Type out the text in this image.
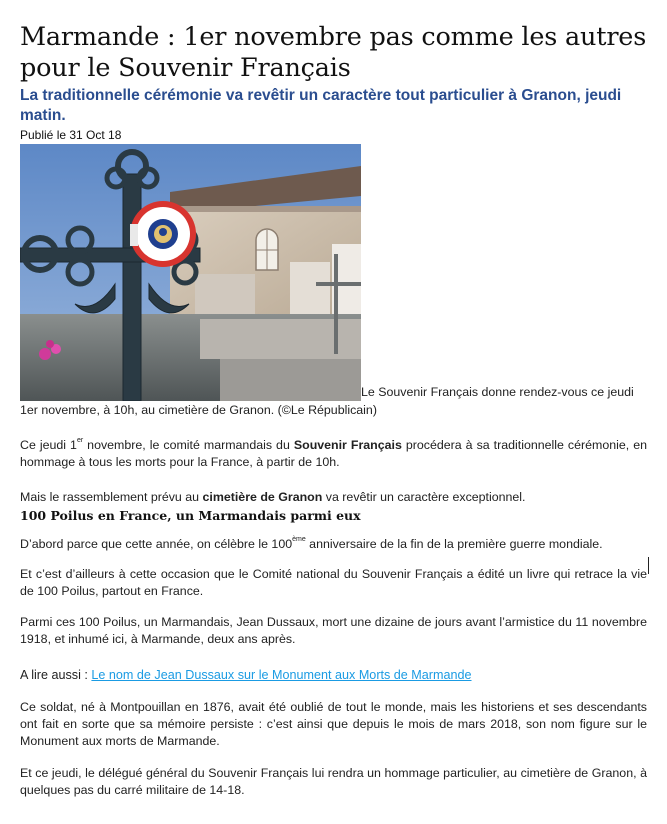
Marmande : 1er novembre pas comme les autres pour le Souvenir Français
La traditionnelle cérémonie va revêtir un caractère tout particulier à Granon, jeudi matin.
Publié le 31 Oct 18
Le Souvenir Français donne rendez-vous ce jeudi
1er novembre, à 10h, au cimetière de Granon. (©Le Républicain)

Ce jeudi 1er novembre, le comité marmandais du Souvenir Français procédera à sa traditionnelle cérémonie, en hommage à tous les morts pour la France, à partir de 10h.

Mais le rassemblement prévu au cimetière de Granon va revêtir un caractère exceptionnel.

100 Poilus en France, un Marmandais parmi eux

D’abord parce que cette année, on célèbre le 100ème anniversaire de la fin de la première guerre mondiale.

Et c’est d’ailleurs à cette occasion que le Comité national du Souvenir Français a édité un livre qui retrace la vie de 100 Poilus, partout en France.

Parmi ces 100 Poilus, un Marmandais, Jean Dussaux, mort une dizaine de jours avant l’armistice du 11 novembre 1918, et inhumé ici, à Marmande, deux ans après.

A lire aussi : Le nom de Jean Dussaux sur le Monument aux Morts de Marmande

Ce soldat, né à Montpouillan en 1876, avait été oublié de tout le monde, mais les historiens et ses descendants ont fait en sorte que sa mémoire persiste : c’est ainsi que depuis le mois de mars 2018, son nom figure sur le Monument aux morts de Marmande.

Et ce jeudi, le délégué général du Souvenir Français lui rendra un hommage particulier, au cimetière de Granon, à quelques pas du carré militaire de 14-18.
